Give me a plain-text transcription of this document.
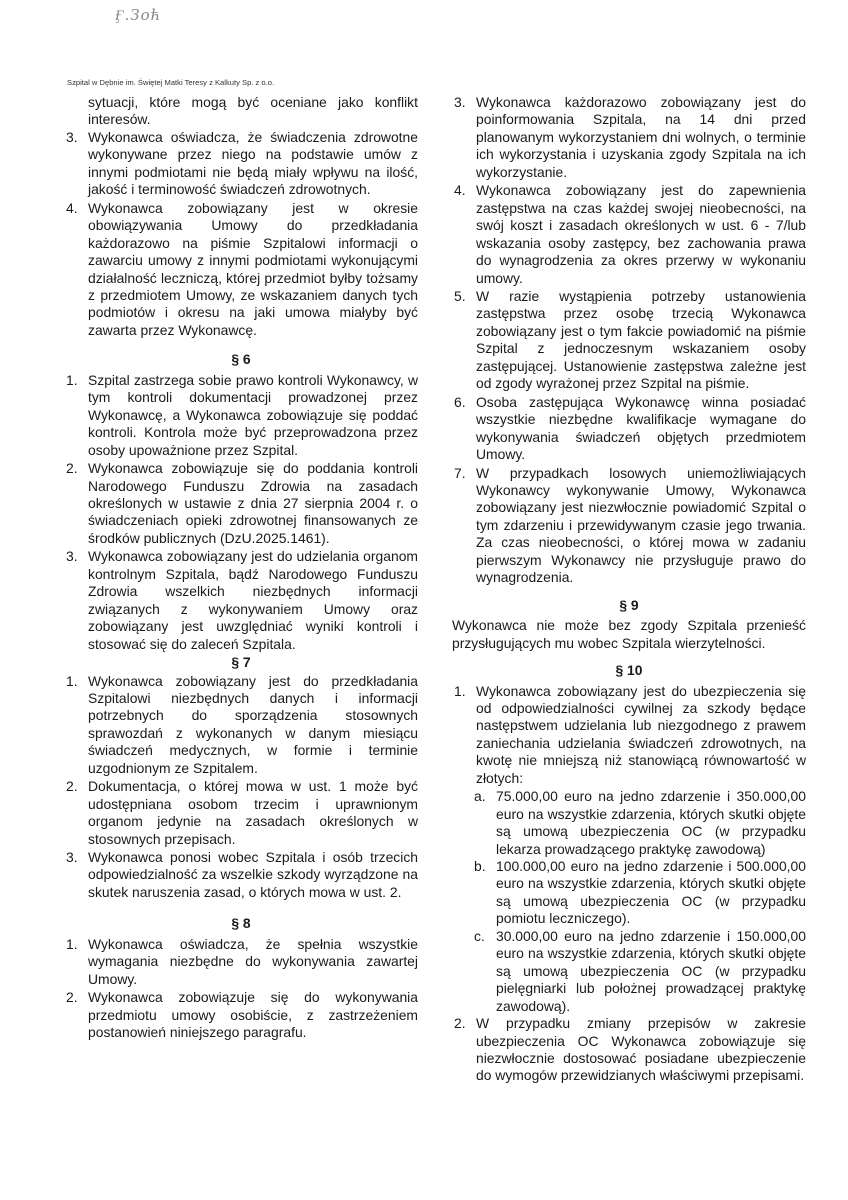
Ӻ.Зоћ
Szpital w Dębnie im. Świętej Matki Teresy z Kalkuty Sp. z o.o.
sytuacji, które mogą być oceniane jako konflikt interesów.
3. Wykonawca oświadcza, że świadczenia zdrowotne wykonywane przez niego na podstawie umów z innymi podmiotami nie będą miały wpływu na ilość, jakość i terminowość świadczeń zdrowotnych.
4. Wykonawca zobowiązany jest w okresie obowiązywania Umowy do przedkładania każdorazowo na piśmie Szpitalowi informacji o zawarciu umowy z innymi podmiotami wykonującymi działalność leczniczą, której przedmiot byłby tożsamy z przedmiotem Umowy, ze wskazaniem danych tych podmiotów i okresu na jaki umowa miałyby być zawarta przez Wykonawcę.
§ 6
1. Szpital zastrzega sobie prawo kontroli Wykonawcy, w tym kontroli dokumentacji prowadzonej przez Wykonawcę, a Wykonawca zobowiązuje się poddać kontroli. Kontrola może być przeprowadzona przez osoby upoważnione przez Szpital.
2. Wykonawca zobowiązuje się do poddania kontroli Narodowego Funduszu Zdrowia na zasadach określonych w ustawie z dnia 27 sierpnia 2004 r. o świadczeniach opieki zdrowotnej finansowanych ze środków publicznych (DzU.2025.1461).
3. Wykonawca zobowiązany jest do udzielania organom kontrolnym Szpitala, bądź Narodowego Funduszu Zdrowia wszelkich niezbędnych informacji związanych z wykonywaniem Umowy oraz zobowiązany jest uwzględniać wyniki kontroli i stosować się do zaleceń Szpitala.
§ 7
1. Wykonawca zobowiązany jest do przedkładania Szpitalowi niezbędnych danych i informacji potrzebnych do sporządzenia stosownych sprawozdań z wykonanych w danym miesiącu świadczeń medycznych, w formie i terminie uzgodnionym ze Szpitalem.
2. Dokumentacja, o której mowa w ust. 1 może być udostępniana osobom trzecim i uprawnionym organom jedynie na zasadach określonych w stosownych przepisach.
3. Wykonawca ponosi wobec Szpitala i osób trzecich odpowiedzialność za wszelkie szkody wyrządzone na skutek naruszenia zasad, o których mowa w ust. 2.
§ 8
1. Wykonawca oświadcza, że spełnia wszystkie wymagania niezbędne do wykonywania zawartej Umowy.
2. Wykonawca zobowiązuje się do wykonywania przedmiotu umowy osobiście, z zastrzeżeniem postanowień niniejszego paragrafu.
3. Wykonawca każdorazowo zobowiązany jest do poinformowania Szpitala, na 14 dni przed planowanym wykorzystaniem dni wolnych, o terminie ich wykorzystania i uzyskania zgody Szpitala na ich wykorzystanie.
4. Wykonawca zobowiązany jest do zapewnienia zastępstwa na czas każdej swojej nieobecności, na swój koszt i zasadach określonych w ust. 6 - 7/lub wskazania osoby zastępcy, bez zachowania prawa do wynagrodzenia za okres przerwy w wykonaniu umowy.
5. W razie wystąpienia potrzeby ustanowienia zastępstwa przez osobę trzecią Wykonawca zobowiązany jest o tym fakcie powiadomić na piśmie Szpital z jednoczesnym wskazaniem osoby zastępującej. Ustanowienie zastępstwa zależne jest od zgody wyrażonej przez Szpital na piśmie.
6. Osoba zastępująca Wykonawcę winna posiadać wszystkie niezbędne kwalifikacje wymagane do wykonywania świadczeń objętych przedmiotem Umowy.
7. W przypadkach losowych uniemożliwiających Wykonawcy wykonywanie Umowy, Wykonawca zobowiązany jest niezwłocznie powiadomić Szpital o tym zdarzeniu i przewidywanym czasie jego trwania. Za czas nieobecności, o której mowa w zadaniu pierwszym Wykonawcy nie przysługuje prawo do wynagrodzenia.
§ 9
Wykonawca nie może bez zgody Szpitala przenieść przysługujących mu wobec Szpitala wierzytelności.
§ 10
1. Wykonawca zobowiązany jest do ubezpieczenia się od odpowiedzialności cywilnej za szkody będące następstwem udzielania lub niezgodnego z prawem zaniechania udzielania świadczeń zdrowotnych, na kwotę nie mniejszą niż stanowiącą równowartość w złotych:
a. 75.000,00 euro na jedno zdarzenie i 350.000,00 euro na wszystkie zdarzenia, których skutki objęte są umową ubezpieczenia OC (w przypadku lekarza prowadzącego praktykę zawodową)
b. 100.000,00 euro na jedno zdarzenie i 500.000,00 euro na wszystkie zdarzenia, których skutki objęte są umową ubezpieczenia OC (w przypadku pomiotu leczniczego).
c. 30.000,00 euro na jedno zdarzenie i 150.000,00 euro na wszystkie zdarzenia, których skutki objęte są umową ubezpieczenia OC (w przypadku pielęgniarki lub położnej prowadzącej praktykę zawodową).
2. W przypadku zmiany przepisów w zakresie ubezpieczenia OC Wykonawca zobowiązuje się niezwłocznie dostosować posiadane ubezpieczenie do wymogów przewidzianych właściwymi przepisami.
